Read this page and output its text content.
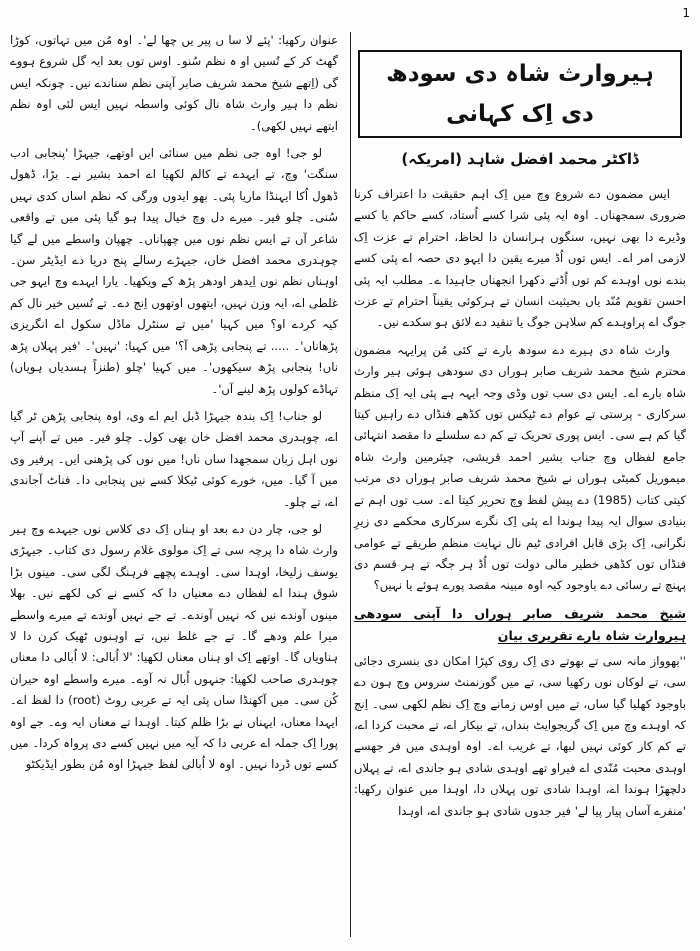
1
ہیروارث شاہ دی سودھ دی اِک کہانی
ڈاکٹر محمد افضل شاہد (امریکہ)

ایس مضمون دے شروع وچ میں اِک اہم حقیقت دا اعتراف کرنا ضروری سمجھناں۔ اوہ ایہ پئی شرا کسے اُستاد، کسے حاکم یا کسے وڈیرے دا بھی نہیں، سنگوں ہرانسان دا لحاظ، احترام تے عزت اِک لازمی امر اے۔ ایس توں اُڈ میرے یقین دا ایہو دی حصہ اے پئی کسے بندے نوں اوہدے کم توں اُڈتے دکھرا انجھناں جاہیدا ے۔ مطلب ایہ پئی احسن تقویم مُنّد یاں بحیثیت انسان تے ہرکوئی یقیناً احترام تے عزت جوگ اے پراوہدے کم سلاہن جوگ یا تنقید دے لائق ہو سکدے نیں۔

وارث شاہ دی ہیرے دے سودھ بارے تے کئی مُن پرایہہ مضمون محترم شیخ محمد شریف صابر ہوراں دی سودھی ہوئی ہیر وارث شاہ بارے اے۔ ایس دی سب توں وڈی وجہ ایہہ ہے پئی ایہ اِک منظم سرکاری - پرستی تے عوام دے ٹیکس توں کڈھے فنڈاں دے راہیں کیتا گیا کم ہے سی۔ ایس پوری تحریک تے کم دے سلسلے دا مقصد انتہائی جامع لفظاں وچ جناب بشیر احمد قریشی، چیئرمین وارث شاہ میموریل کمیٹی ہوراں نے شیخ محمد شریف صابر ہوراں دی مرتب کیتی کتاب (1985) دے پیش لفظ وچ تحریر کیتا اے۔ سب توں اہم تے بنیادی سوال ایہ پیدا ہوندا اے پئی اِک نگرے سرکاری محکمے دی زیرِ نگرانی، اِک بڑی قابل افرادی ٹیم نال نہایت منظم طریقے تے عوامی فنڈاں توں کڈھی خطیر مالی دولت توں اُڈ ہر جگہ تے ہر قسم دی پہنچ تے رسائی دے باوجود کیہ اوہ مبینہ مقصد پورے ہوئے یا نہیں؟

شیخ محمد شریف صابر ہوراں دا آپنی سودھی ہیروارث شاہ بارے تقریری بیان

''بھوواز مانہ سی تے بھوتے دی اِک روی کپڑا امکان دی بنسری دجائی سی، تے لوکاں نوں رکھیا سی، تے میں گورنمنٹ سروس وچ ہون دے باوجود کھلیا گیا ساں، تے میں اوس زمانے وچ اِک نظم لکھی سی۔ اِنج کہ اوہدے وچ میں اِک گریجوایٹ بنداں، تے بیکار اے، تے محبت کردا اے، تے کم کار کوئی نہیں لبھا، تے غریب اے۔ اوہ اوہدی میں فر جھسے اوہدی محبت مُنّدی اے فیراو تھے اوہدی شادی ہو جاندی اے، تے پہلاں دلچھڑا ہوندا اے، اوہدا شادی توں پہلاں دا، اوہدا میں عنوان رکھیا: 'منفرے آساں پیار پیا لے' فیر جدوں شادی ہو جاندی اے، اوہدا

عنوان رکھیا: 'پئے لا سا ں پیر یں چھا لے'۔ اوہ مُن میں تہاتوں، کوڑا گھٹ کر کے تُسیں او ہ نظم سُنو۔ اوس توں بعد ایہ گل شروع ہووے گی (اِتھے شیخ محمد شریف صابر آپنی نظم سناندے نیں۔ چونکہ ایس نظم دا ہیر وارث شاہ نال کوئی واسطہ نہیں ایس لئی اوہ نظم ایتھے نہیں لکھی)۔

لو جی! اوہ جی نظم میں سنائی ایں اوتھے، جیہڑا 'پنجابی ادب سنگت' وچ، تے ایہدے تے کالم لکھیا اے احمد بشیر نے۔ بڑا، ڈھول ڈھول اُکا ایہنڈا ماریا پئی۔ بھو ایدوں ورگی کہ نظم اساں کدی نہیں سُنی۔ چلو فیر۔ میرے دل وچ خیال پیدا ہو گیا پئی میں تے واقعی شاعر آں تے ایس نظم نوں میں چھپاناں۔ چھپان واسطے میں لے گیا چوہدری محمد افضل خاں، جیہڑے رسالے پنج دریا دے ایڈیٹر سن۔ اوہناں نظم نوں اِیدھر اودھر پڑھ کے ویکھیا۔ یارا ایہدے وچ ایہو جی غلطی اے، ایہ وزن نہیں، ایتھوں اوتھوں اِنج دے۔ تے تُسیں خیر نال کم کیہ کردے او؟ میں کہیا 'میں تے سنٹرل ماڈل سکول اے انگریزی پڑھاناں'۔ ..... تے پنجابی پڑھی آ؟' میں کہیا: 'نہیں'۔ 'فیر پہلاں پڑھ ناں! پنجابی پڑھ سیکھوں'۔ میں کہیا 'چلو (طنزاً ہسدیاں ہویاں) تہاڈے کولوں پڑھ لینے آں'۔

لو جناب! اِک بندہ جیہڑا ڈبل ایم اے وی، اوہ پنجابی پڑھن ٹر گیا اے، چوہدری محمد افضل خان بھی کول۔ چلو فیر۔ میں تے آپنے آپ نوں اہل زبان سمجھدا ساں ناں! میں نوں کی پڑھنی ایں۔ پرفیر وی میں آ گیا۔ میں، خورے کوئی ٹیکلا کسے نیں پنجابی دا۔ فناٹ آجاندی اے، تے چلو۔

لو جی، چار دن دے بعد او ہناں اِک دی کلاس نوں جیہدے وچ ہیر وارث شاہ دا پرچہ سی تے اِک مولوی غلام رسول دی کتاب۔ جیہڑی یوسف زلیخا، اوہدا سی۔ اوہدے پچھے فرہنگ لگی سی۔ مینوں بڑا شوق ہندا اے لفظاں دے معنیاں دا کہ کسے نے کی لکھے نیں۔ بھلا مینوں آوندے نیں کہ نہیں آوندے۔ تے جے نہیں آوندے تے میرے واسطے میرا علم ودھے گا۔ تے جے غلط نیں، تے اوہنوں ٹھیک کرن دا لا ہناویاں گا۔ اوتھے اِک او ہناں معناں لکھیا: 'لا اُبالی: لا اُبالی دا معناں چوہدری صاحب لکھیا: جنہوں اُبال نہ آوے۔ میرے واسطے اوہ حیران کُن سی۔ میں آکھنڈا ساں پئی ایہ تے عربی روٹ (root) دا لفظ اے۔ ایہدا معناں، ایہناں نے بڑا ظلم کیتا۔ اوہدا تے معناں ایہ وے۔ جے اوہ پورا اِک جملہ اے عربی دا کہ آیہ میں نہیں کسے دی پرواہ کردا۔ میں کسے توں ڈردا نہیں۔ اوہ لا اُبالی لفظ جیہڑا اوہ مُن بطور ایڈیکٹو
